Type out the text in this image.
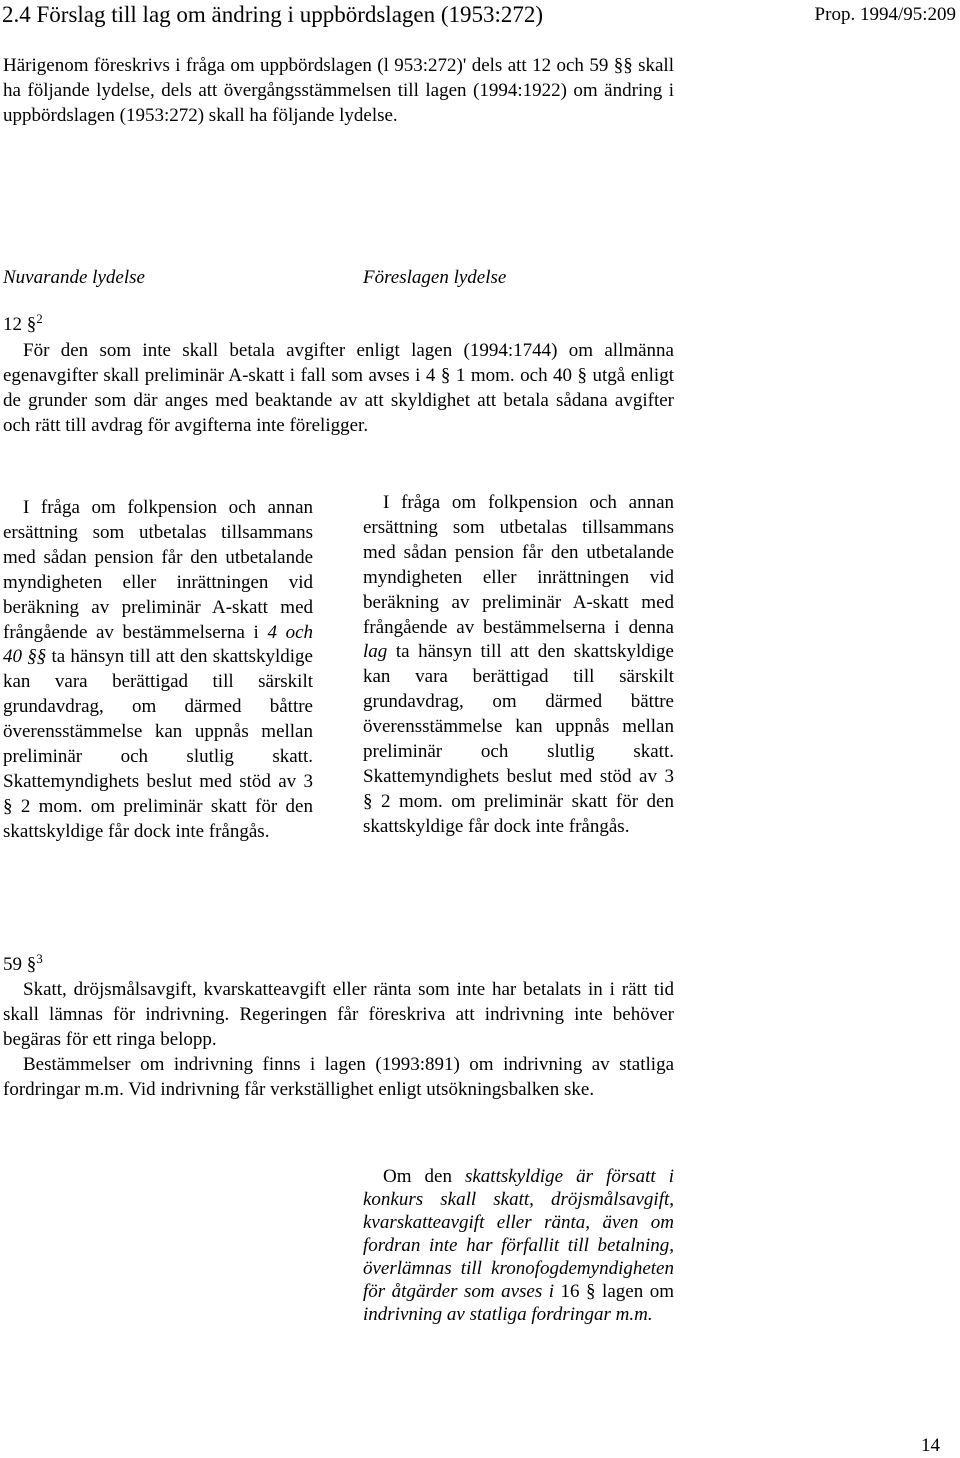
2.4 Förslag till lag om ändring i uppbördslagen (1953:272)	Prop. 1994/95:209

Härigenom föreskrivs i fråga om uppbördslagen (l 953:272)' dels att 12 och 59 §§ skall ha följande lydelse, dels att övergångsstämmelsen till lagen (1994:1922) om ändring i uppbördslagen (1953:272) skall ha följande lydelse.

Nuvarande lydelse	Föreslagen lydelse
12 §$^2$

För den som inte skall betala avgifter enligt lagen (1994:1744) om allmänna egenavgifter skall preliminär A-skatt i fall som avses i 4 § 1 mom. och 40 § utgå enligt de grunder som där anges med beaktande av att skyldighet att betala sådana avgifter och rätt till avdrag för avgifterna inte föreligger.

I fråga om folkpension och annan ersättning som utbetalas tillsammans med sådan pension får den utbetalande myndigheten eller inrättningen vid beräkning av preliminär A-skatt med frångående av bestämmelserna i 4 och 40 §§ ta hänsyn till att den skattskyldige kan vara berättigad till särskilt grundavdrag, om därmed båttre överensstämmelse kan uppnås mellan preliminär och slutlig skatt. Skattemyndighets beslut med stöd av 3 § 2 mom. om preliminär skatt för den skattskyldige får dock inte frångås.

I fråga om folkpension och annan ersättning som utbetalas tillsammans med sådan pension får den utbetalande myndigheten eller inrättningen vid beräkning av preliminär A-skatt med frångående av bestämmelserna i denna lag ta hänsyn till att den skattskyldige kan vara berättigad till särskilt grundavdrag, om därmed bättre överensstämmelse kan uppnås mellan preliminär och slutlig skatt. Skattemyndighets beslut med stöd av 3 § 2 mom. om preliminär skatt för den skattskyldige får dock inte frångås.

59 §$^3$

Skatt, dröjsmålsavgift, kvarskatteavgift eller ränta som inte har betalats in i rätt tid skall lämnas för indrivning. Regeringen får föreskriva att indrivning inte behöver begäras för ett ringa belopp.

Bestämmelser om indrivning finns i lagen (1993:891) om indrivning av statliga fordringar m.m. Vid indrivning får verkställighet enligt utsökningsbalken ske.

Om den skattskyldige är försatt i konkurs skall skatt, dröjsmålsavgift, kvarskatteavgift eller ränta, även om fordran inte har förfallit till betalning, överlämnas till kronofogdemyndigheten för åtgärder som avses i 16 § lagen om indrivning av statliga fordringar m.m.

14
